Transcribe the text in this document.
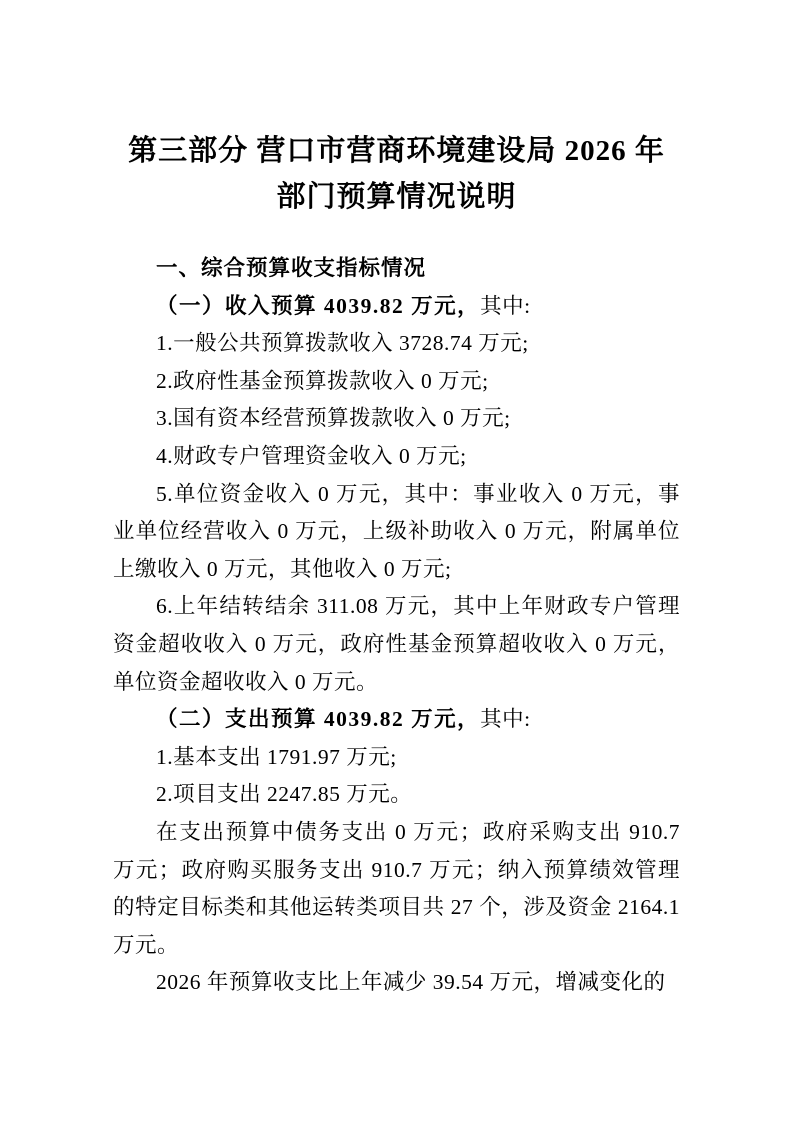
第三部分 营口市营商环境建设局 2026 年
部门预算情况说明

一、综合预算收支指标情况

（一）收入预算 4039.82 万元，其中:

1.一般公共预算拨款收入 3728.74 万元;

2.政府性基金预算拨款收入 0 万元;

3.国有资本经营预算拨款收入 0 万元;

4.财政专户管理资金收入 0 万元;

5.单位资金收入 0 万元，其中：事业收入 0 万元，事业单位经营收入 0 万元，上级补助收入 0 万元，附属单位上缴收入 0 万元，其他收入 0 万元;

6.上年结转结余 311.08 万元，其中上年财政专户管理资金超收收入 0 万元，政府性基金预算超收收入 0 万元，单位资金超收收入 0 万元。

（二）支出预算 4039.82 万元，其中:

1.基本支出 1791.97 万元;

2.项目支出 2247.85 万元。

在支出预算中债务支出 0 万元；政府采购支出 910.7 万元；政府购买服务支出 910.7 万元；纳入预算绩效管理的特定目标类和其他运转类项目共 27 个，涉及资金 2164.1 万元。

2026 年预算收支比上年减少 39.54 万元，增减变化的
